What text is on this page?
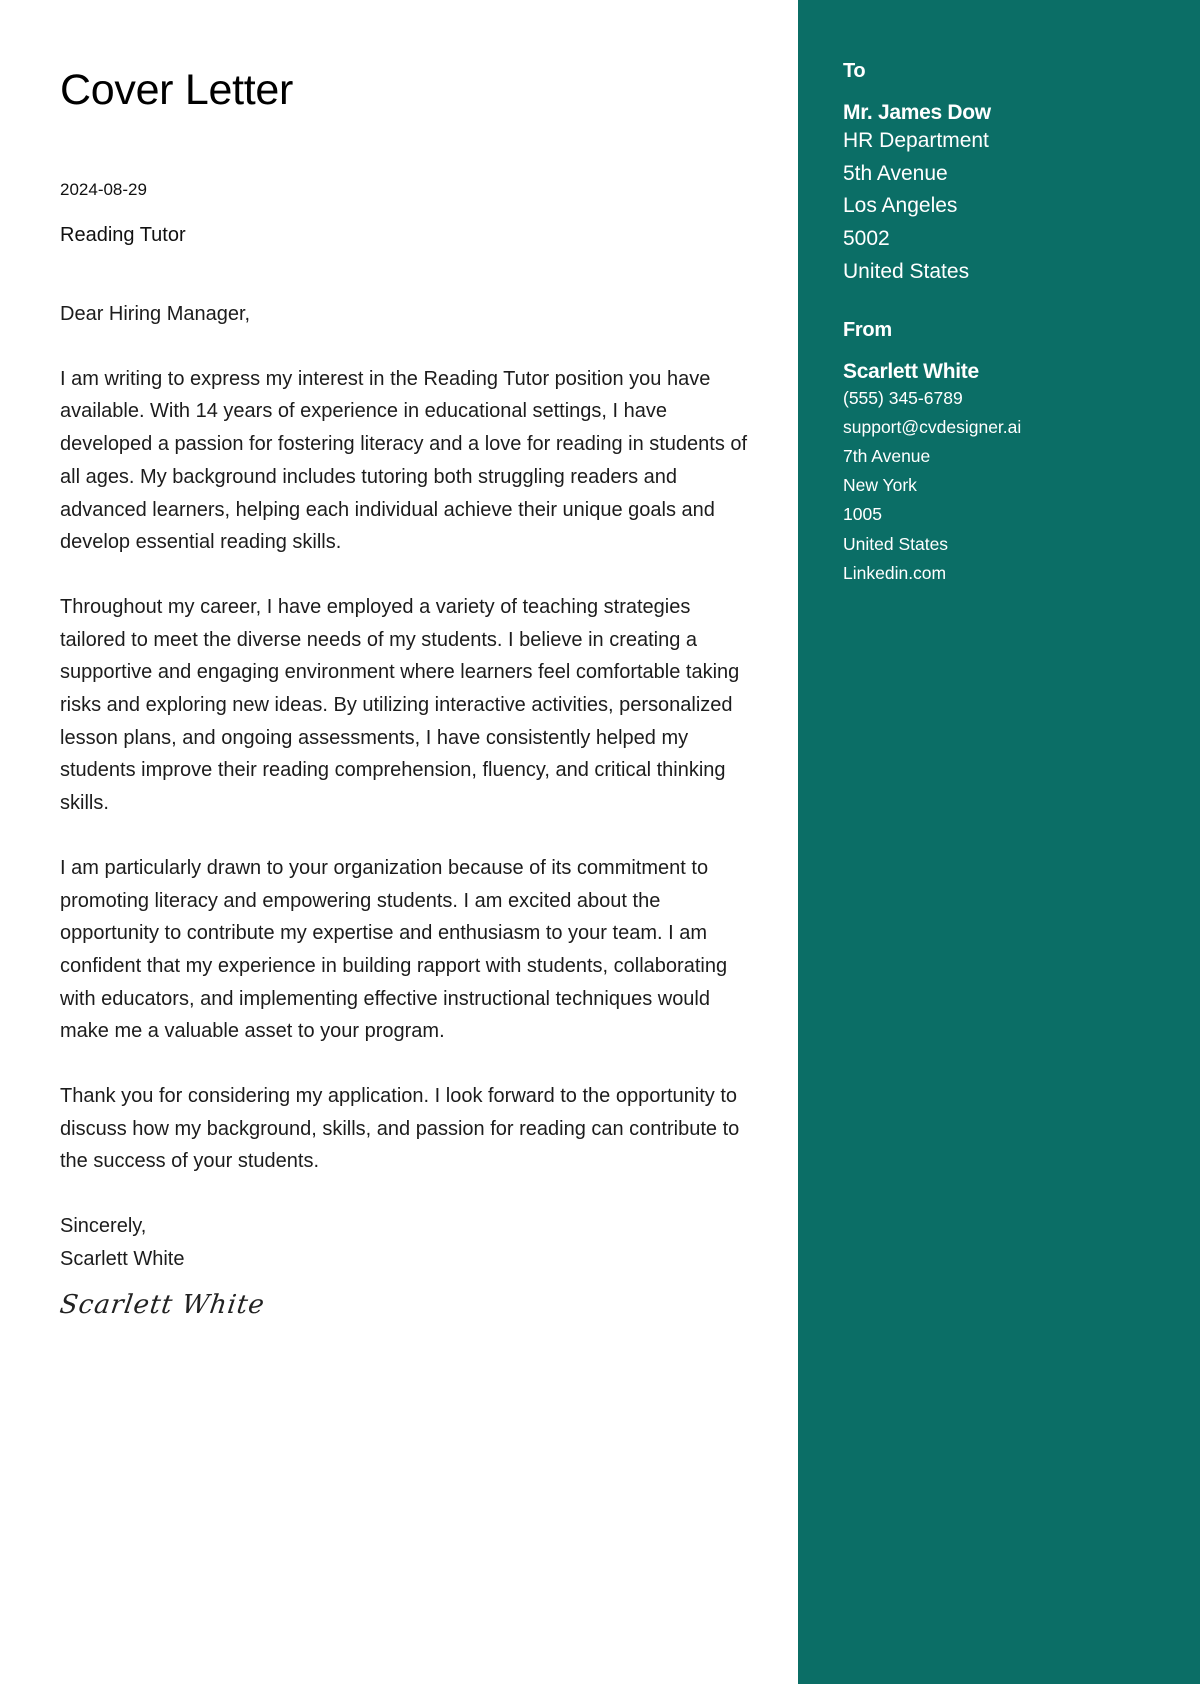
Cover Letter
2024-08-29
Reading Tutor

Dear Hiring Manager,

I am writing to express my interest in the Reading Tutor position you have available. With 14 years of experience in educational settings, I have developed a passion for fostering literacy and a love for reading in students of all ages. My background includes tutoring both struggling readers and advanced learners, helping each individual achieve their unique goals and develop essential reading skills.

Throughout my career, I have employed a variety of teaching strategies tailored to meet the diverse needs of my students. I believe in creating a supportive and engaging environment where learners feel comfortable taking risks and exploring new ideas. By utilizing interactive activities, personalized lesson plans, and ongoing assessments, I have consistently helped my students improve their reading comprehension, fluency, and critical thinking skills.

I am particularly drawn to your organization because of its commitment to promoting literacy and empowering students. I am excited about the opportunity to contribute my expertise and enthusiasm to your team. I am confident that my experience in building rapport with students, collaborating with educators, and implementing effective instructional techniques would make me a valuable asset to your program.

Thank you for considering my application. I look forward to the opportunity to discuss how my background, skills, and passion for reading can contribute to the success of your students.

Sincerely,
Scarlett White
Scarlett White
To
Mr. James Dow
HR Department
5th Avenue
Los Angeles
5002
United States
From
Scarlett White
(555) 345-6789
support@cvdesigner.ai
7th Avenue
New York
1005
United States
Linkedin.com
